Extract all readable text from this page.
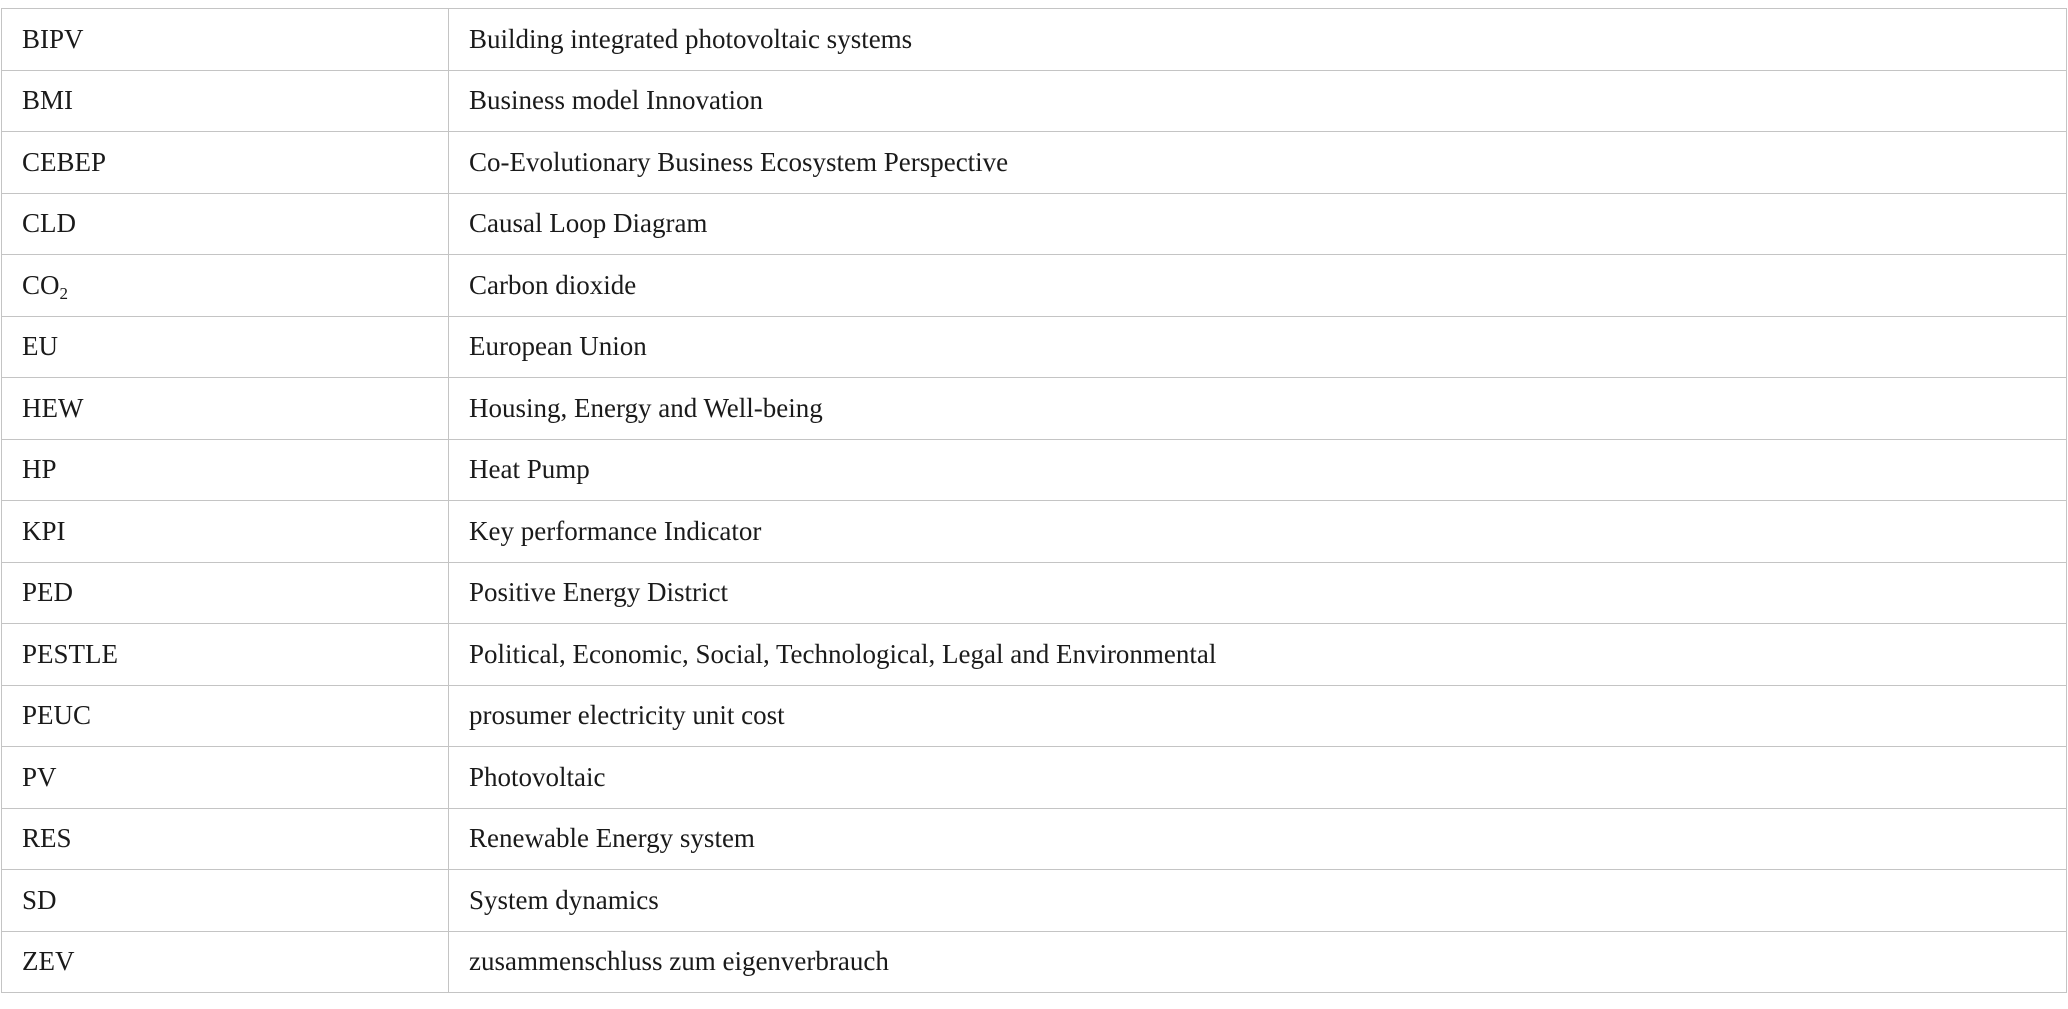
BIPV	Building integrated photovoltaic systems
BMI	Business model Innovation
CEBEP	Co-Evolutionary Business Ecosystem Perspective
CLD	Causal Loop Diagram
$CO_2$	Carbon dioxide
EU	European Union
HEW	Housing, Energy and Well-being
HP	Heat Pump
KPI	Key performance Indicator
PED	Positive Energy District
PESTLE	Political, Economic, Social, Technological, Legal and Environmental
PEUC	prosumer electricity unit cost
PV	Photovoltaic
RES	Renewable Energy system
SD	System dynamics
ZEV	zusammenschluss zum eigenverbrauch
